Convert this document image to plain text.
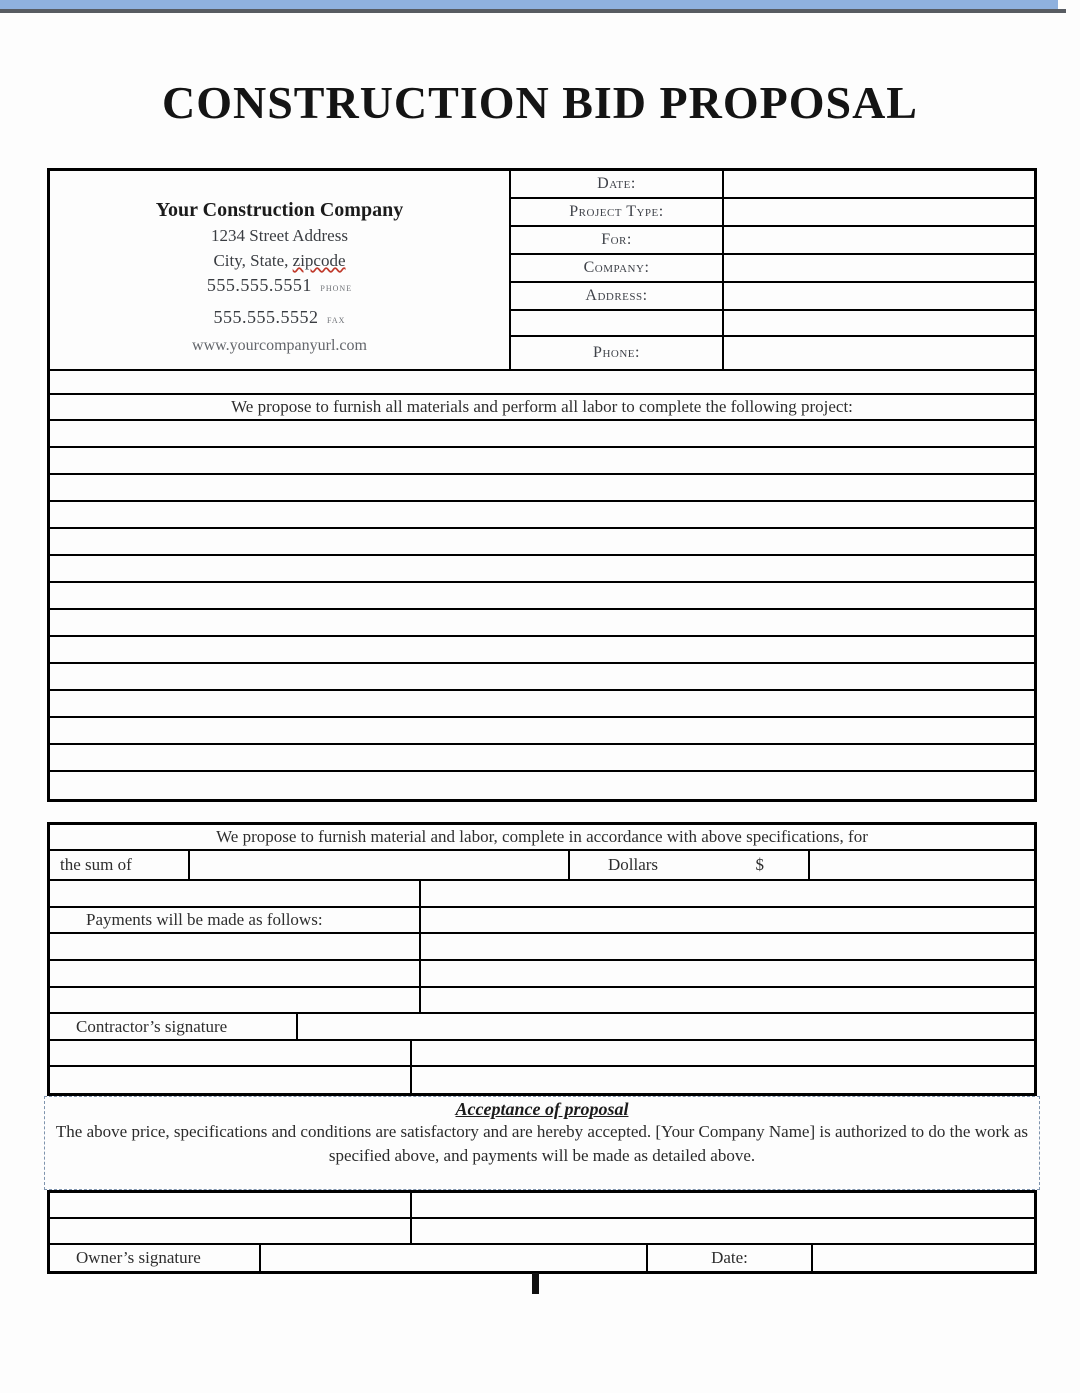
CONSTRUCTION BID PROPOSAL
Your Construction Company
1234 Street Address
City, State, zipcode
555.555.5551 phone
555.555.5552 fax
www.yourcompanyurl.com
Date:
Project Type:
For:
Company:
Address:
Phone:
We propose to furnish all materials and perform all labor to complete the following project:
We propose to furnish material and labor, complete in accordance with above specifications, for
the sum of	Dollars	$
Payments will be made as follows:
Contractor’s signature
Acceptance of proposal
The above price, specifications and conditions are satisfactory and are hereby accepted. [Your Company Name] is authorized to do the work as specified above, and payments will be made as detailed above.
Owner’s signature	Date:
